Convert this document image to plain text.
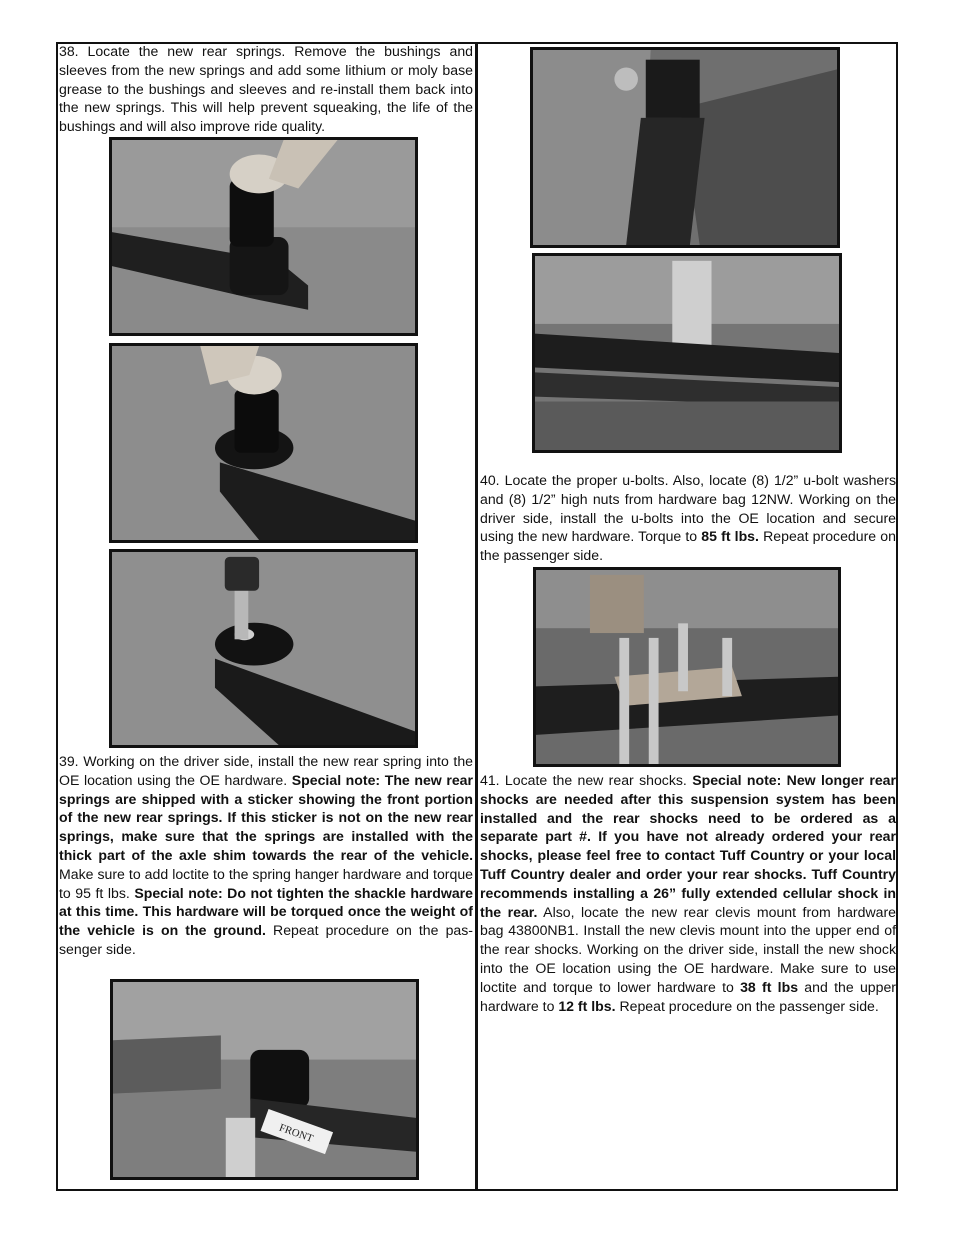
38. Locate the new rear springs. Remove the bushings and sleeves from the new springs and add some lithium or moly base grease to the bushings and sleeves and re-install them back into the new springs. This will help prevent squeaking, the life of the bushings and will also improve ride quality.
39. Working on the driver side, install the new rear spring into the OE location using the OE hardware. Special note: The new rear springs are shipped with a sticker showing the front portion of the new rear springs. If this sticker is not on the new rear springs, make sure that the springs are installed with the thick part of the axle shim towards the rear of the vehicle. Make sure to add loctite to the spring hanger hardware and torque to 95 ft lbs. Special note: Do not tighten the shackle hardware at this time. This hardware will be torqued once the weight of the vehicle is on the ground. Repeat procedure on the pas-senger side.
FRONT
40. Locate the proper u-bolts. Also, locate (8) 1/2” u-bolt washers and (8) 1/2” high nuts from hardware bag 12NW. Working on the driver side, install the u-bolts into the OE location and secure using the new hardware. Torque to 85 ft lbs. Repeat procedure on the passenger side.
41. Locate the new rear shocks. Special note: New longer rear shocks are needed after this suspension system has been installed and the rear shocks need to be ordered as a separate part #. If you have not already ordered your rear shocks, please feel free to contact Tuff Country or your local Tuff Country dealer and order your rear shocks. Tuff Country recommends installing a 26” fully extended cellular shock in the rear. Also, locate the new rear clevis mount from hardware bag 43800NB1. Install the new clevis mount into the upper end of the rear shocks. Working on the driver side, install the new shock into the OE location using the OE hardware. Make sure to use loctite and torque to lower hardware to 38 ft lbs and the upper hardware to 12 ft lbs. Repeat procedure on the passenger side.
